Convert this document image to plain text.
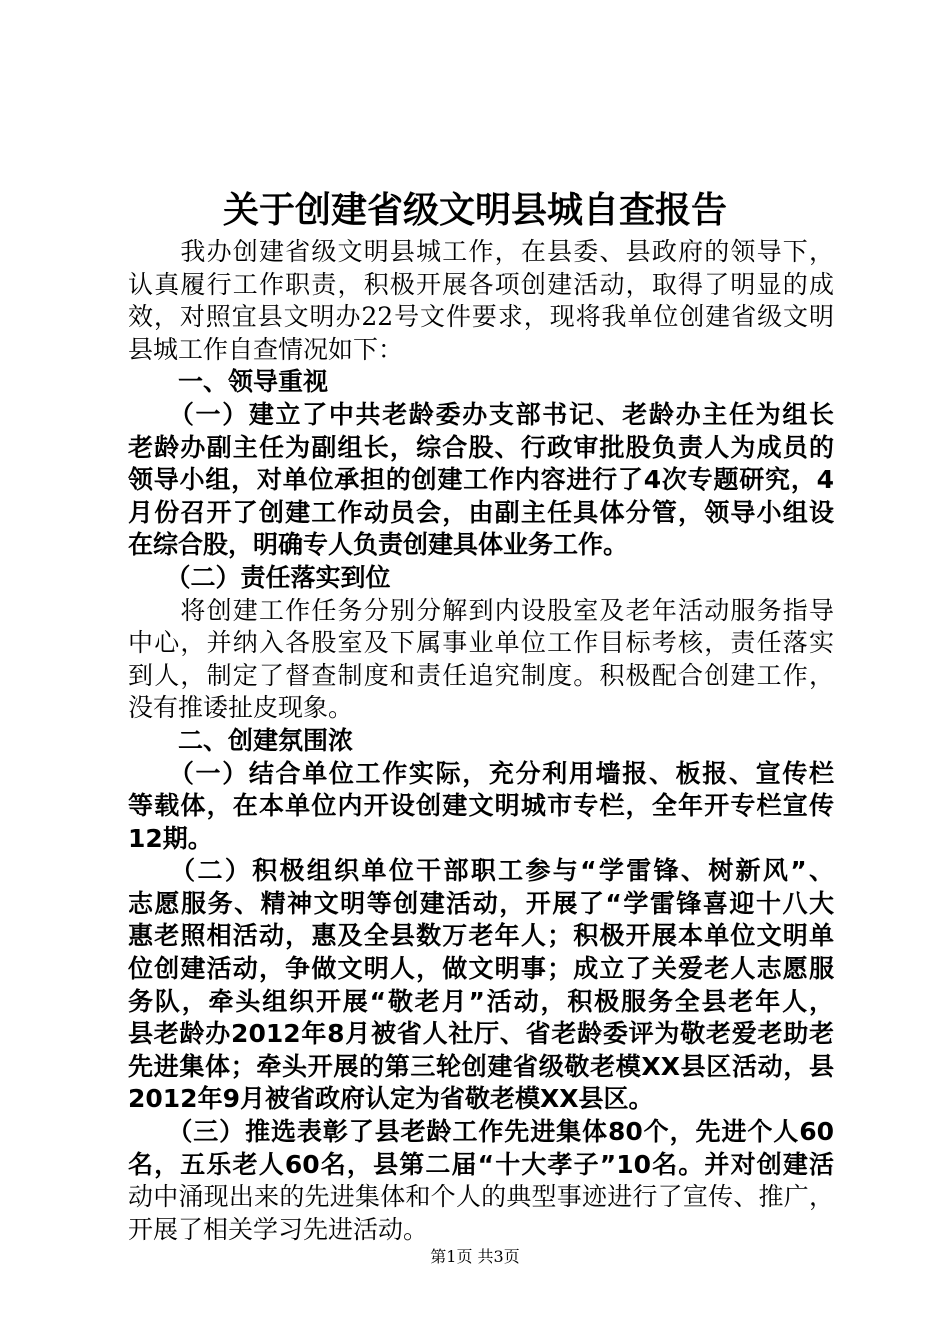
关于创建省级文明县城自查报告
　　我办创建省级文明县城工作，在县委、县政府的领导下，
认真履行工作职责，积极开展各项创建活动，取得了明显的成
效，对照宜县文明办22号文件要求，现将我单位创建省级文明
县城工作自查情况如下：
　　一、领导重视
　　（一）建立了中共老龄委办支部书记、老龄办主任为组长
老龄办副主任为副组长，综合股、行政审批股负责人为成员的
领导小组，对单位承担的创建工作内容进行了4次专题研究，4
月份召开了创建工作动员会，由副主任具体分管，领导小组设
在综合股，明确专人负责创建具体业务工作。
　　（二）责任落实到位
　　将创建工作任务分别分解到内设股室及老年活动服务指导
中心，并纳入各股室及下属事业单位工作目标考核，责任落实
到人，制定了督查制度和责任追究制度。积极配合创建工作，
没有推诿扯皮现象。
　　二、创建氛围浓
　　（一）结合单位工作实际，充分利用墙报、板报、宣传栏
等载体，在本单位内开设创建文明城市专栏，全年开专栏宣传
12期。
　　（二）积极组织单位干部职工参与“学雷锋、树新风”、
志愿服务、精神文明等创建活动，开展了“学雷锋喜迎十八大
惠老照相活动，惠及全县数万老年人；积极开展本单位文明单
位创建活动，争做文明人，做文明事；成立了关爱老人志愿服
务队，牵头组织开展“敬老月”活动，积极服务全县老年人，
县老龄办2012年8月被省人社厅、省老龄委评为敬老爱老助老
先进集体；牵头开展的第三轮创建省级敬老模XX县区活动，县
2012年9月被省政府认定为省敬老模XX县区。
　　（三）推选表彰了县老龄工作先进集体80个，先进个人60
名，五乐老人60名，县第二届“十大孝子”10名。并对创建活
动中涌现出来的先进集体和个人的典型事迹进行了宣传、推广，
开展了相关学习先进活动。
第1页 共3页
